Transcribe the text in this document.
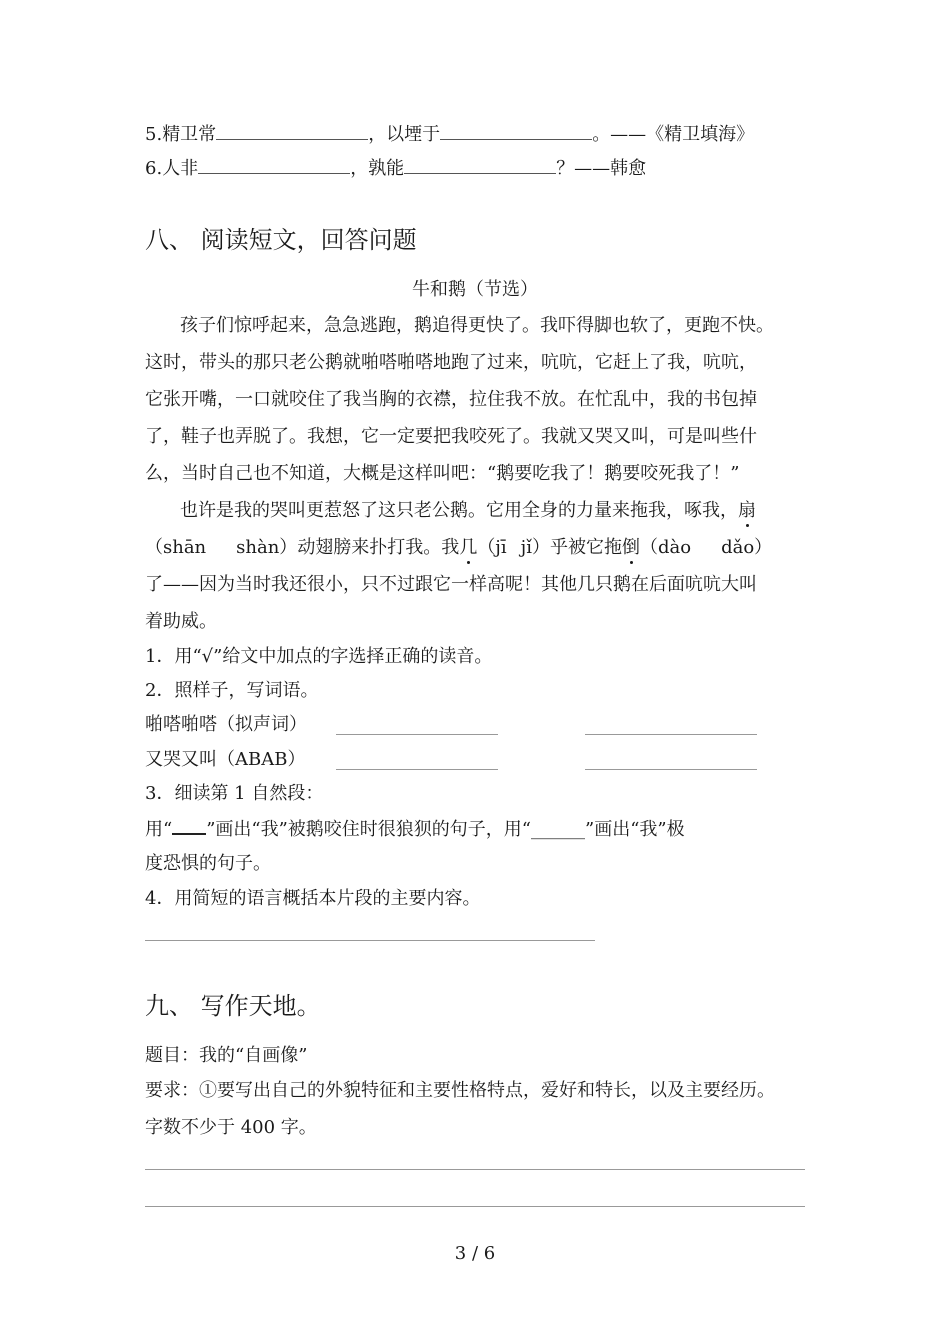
5.精卫常	，以堙于	。——《精卫填海》
6.人非	，孰能	？——韩愈
八、 阅读短文，回答问题
牛和鹅（节选）
孩子们惊呼起来，急急逃跑，鹅追得更快了。我吓得脚也软了，更跑不快。
这时，带头的那只老公鹅就啪嗒啪嗒地跑了过来，吭吭，它赶上了我，吭吭，
它张开嘴，一口就咬住了我当胸的衣襟，拉住我不放。在忙乱中，我的书包掉
了，鞋子也弄脱了。我想，它一定要把我咬死了。我就又哭又叫，可是叫些什
么，当时自己也不知道，大概是这样叫吧：“鹅要吃我了！鹅要咬死我了！”
也许是我的哭叫更惹怒了这只老公鹅。它用全身的力量来拖我，啄我，扇
（shān shàn）动翅膀来扑打我。我几（jī jǐ）乎被它拖倒（dào dǎo）
了——因为当时我还很小，只不过跟它一样高呢！其他几只鹅在后面吭吭大叫
着助威。
1．用“√”给文中加点的字选择正确的读音。
2．照样子，写词语。
啪嗒啪嗒（拟声词）
又哭又叫（ABAB）
3．细读第 1 自然段：
用“ ”画出“我”被鹅咬住时很狼狈的句子，用“______”画出“我”极
度恐惧的句子。
4．用简短的语言概括本片段的主要内容。
九、 写作天地。
题目：我的“自画像”
要求：①要写出自己的外貌特征和主要性格特点，爱好和特长，以及主要经历。
字数不少于 400 字。
3 / 6
